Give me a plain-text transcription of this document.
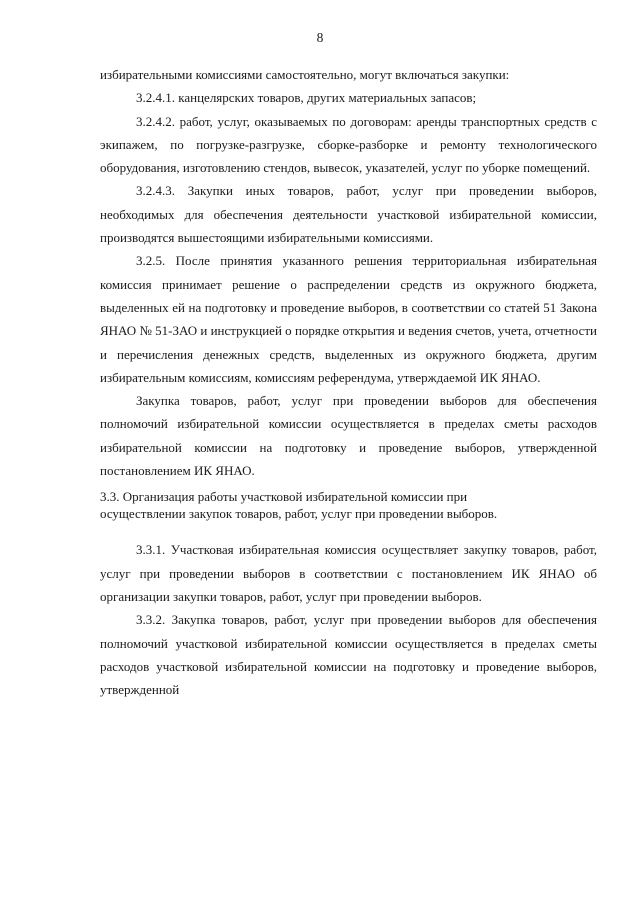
8

избирательными комиссиями самостоятельно, могут включаться закупки:

3.2.4.1. канцелярских товаров, других материальных запасов;

3.2.4.2. работ, услуг, оказываемых по договорам: аренды транспортных средств с экипажем, по погрузке-разгрузке, сборке-разборке и ремонту технологического оборудования, изготовлению стендов, вывесок, указателей, услуг по уборке помещений.

3.2.4.3. Закупки иных товаров, работ, услуг при проведении выборов, необходимых для обеспечения деятельности участковой избирательной комиссии, производятся вышестоящими избирательными комиссиями.

3.2.5. После принятия указанного решения территориальная избирательная комиссия принимает решение о распределении средств из окружного бюджета, выделенных ей на подготовку и проведение выборов, в соответствии со статей 51 Закона ЯНАО № 51-ЗАО и инструкцией о порядке открытия и ведения счетов, учета, отчетности и перечисления денежных средств, выделенных из окружного бюджета, другим избирательным комиссиям, комиссиям референдума, утверждаемой ИК ЯНАО.

Закупка товаров, работ, услуг при проведении выборов для обеспечения полномочий избирательной комиссии осуществляется в пределах сметы расходов избирательной комиссии на подготовку и проведение выборов, утвержденной постановлением ИК ЯНАО.

3.3. Организация работы участковой избирательной комиссии при
осуществлении закупок товаров, работ, услуг при проведении выборов.

3.3.1. Участковая избирательная комиссия осуществляет закупку товаров, работ, услуг при проведении выборов в соответствии с постановлением ИК ЯНАО об организации закупки товаров, работ, услуг при проведении выборов.

3.3.2. Закупка товаров, работ, услуг при проведении выборов для обеспечения полномочий участковой избирательной комиссии осуществляется в пределах сметы расходов участковой избирательной комиссии на подготовку и проведение выборов, утвержденной
